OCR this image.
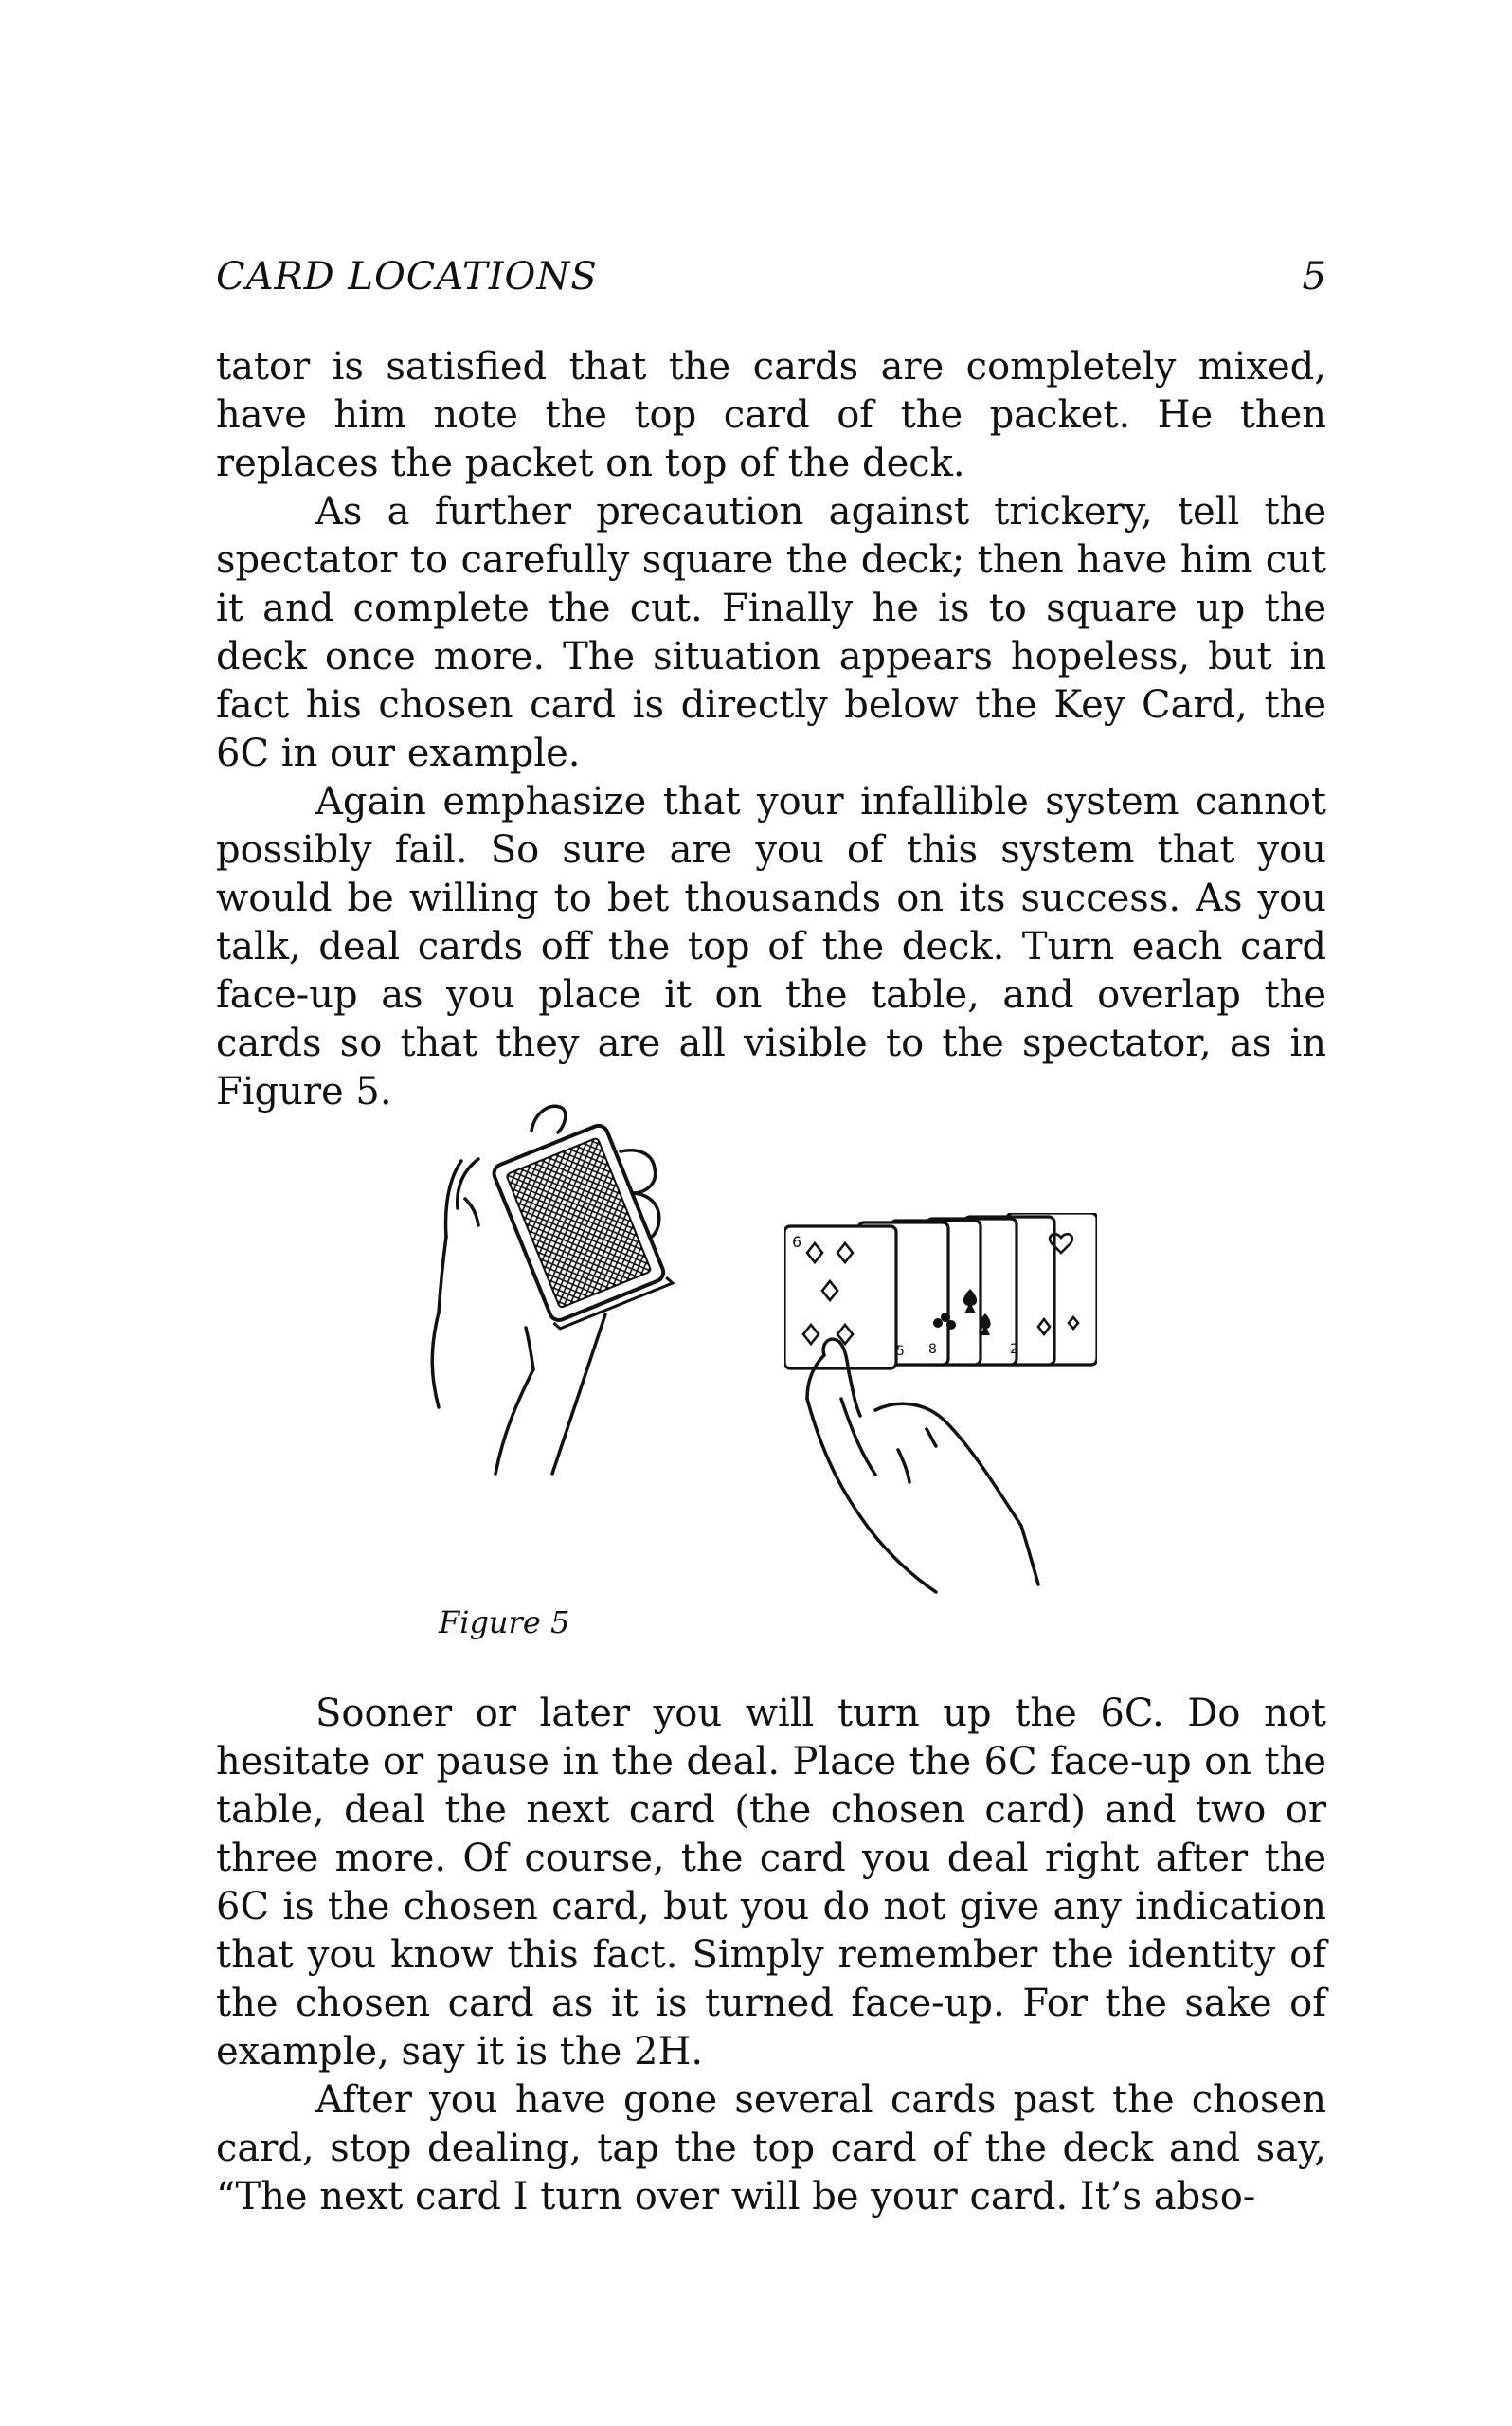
CARD LOCATIONS	5

tator is satisfied that the cards are completely mixed, have him note the top card of the packet. He then replaces the packet on top of the deck.

As a further precaution against trickery, tell the spectator to carefully square the deck; then have him cut it and complete the cut. Finally he is to square up the deck once more. The situation appears hopeless, but in fact his chosen card is directly below the Key Card, the 6C in our example.

Again emphasize that your infallible system cannot possibly fail. So sure are you of this system that you would be willing to bet thousands on its success. As you talk, deal cards off the top of the deck. Turn each card face-up as you place it on the table, and overlap the cards so that they are all visible to the spectator, as in Figure 5.

6
5 8	2
Figure 5

Sooner or later you will turn up the 6C. Do not hesitate or pause in the deal. Place the 6C face-up on the table, deal the next card (the chosen card) and two or three more. Of course, the card you deal right after the 6C is the chosen card, but you do not give any indication that you know this fact. Simply remember the identity of the chosen card as it is turned face-up. For the sake of example, say it is the 2H.

After you have gone several cards past the chosen card, stop dealing, tap the top card of the deck and say, “The next card I turn over will be your card. It’s abso-
